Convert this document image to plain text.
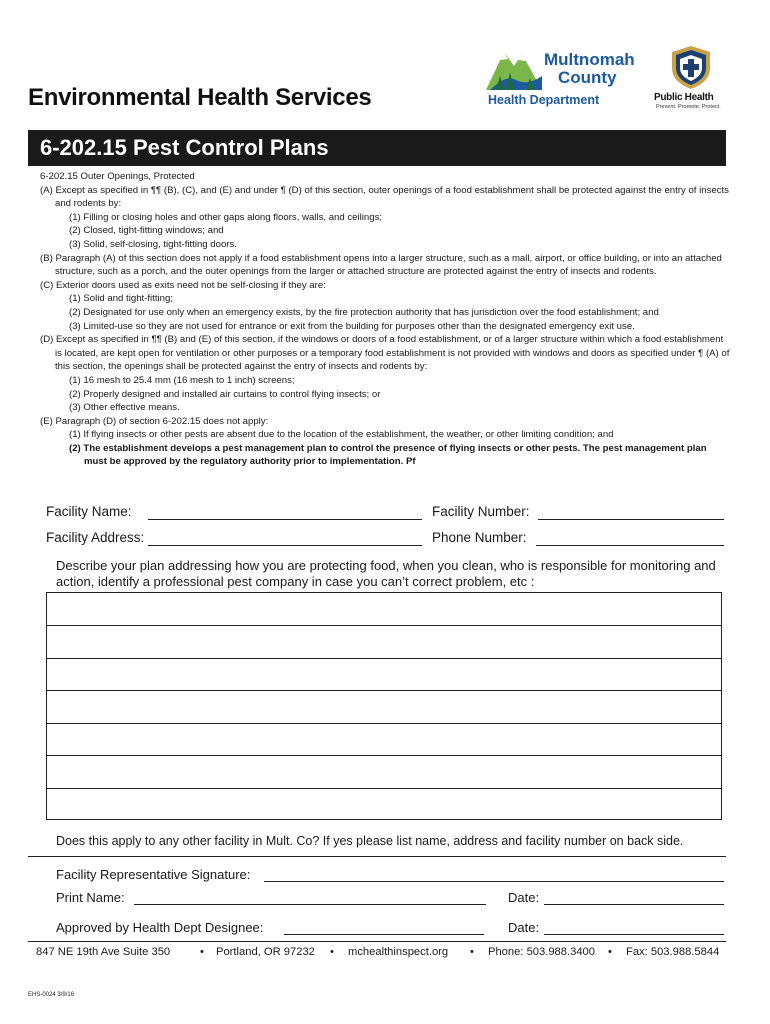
Environmental Health Services
Multnomah
County
Health Department	Public Health
Prevent. Promote. Protect.
6-202.15 Pest Control Plans
6-202.15 Outer Openings, Protected
(A) Except as specified in ¶¶ (B), (C), and (E) and under ¶ (D) of this section, outer openings of a food establishment shall be protected against the entry of insects and rodents by:
(1) Filling or closing holes and other gaps along floors, walls, and ceilings;
(2) Closed, tight-fitting windows; and
(3) Solid, self-closing, tight-fitting doors.
(B) Paragraph (A) of this section does not apply if a food establishment opens into a larger structure, such as a mall, airport, or office building, or into an attached structure, such as a porch, and the outer openings from the larger or attached structure are protected against the entry of insects and rodents.
(C) Exterior doors used as exits need not be self-closing if they are:
(1) Solid and tight-fitting;
(2) Designated for use only when an emergency exists, by the fire protection authority that has jurisdiction over the food establishment; and
(3) Limited-use so they are not used for entrance or exit from the building for purposes other than the designated emergency exit use.
(D) Except as specified in ¶¶ (B) and (E) of this section, if the windows or doors of a food establishment, or of a larger structure within which a food establishment is located, are kept open for ventilation or other purposes or a temporary food establishment is not provided with windows and doors as specified under ¶ (A) of this section, the openings shall be protected against the entry of insects and rodents by:
(1) 16 mesh to 25.4 mm (16 mesh to 1 inch) screens;
(2) Properly designed and installed air curtains to control flying insects; or
(3) Other effective means.
(E) Paragraph (D) of section 6-202.15 does not apply:
(1) If flying insects or other pests are absent due to the location of the establishment, the weather, or other limiting condition; and
(2) The establishment develops a pest management plan to control the presence of flying insects or other pests. The pest management plan must be approved by the regulatory authority prior to implementation. Pf
Facility Name:	Facility Number:
Facility Address:	Phone Number:
Describe your plan addressing how you are protecting food, when you clean, who is responsible for monitoring and action, identify a professional pest company in case you can’t correct problem, etc :
Does this apply to any other facility in Mult. Co? If yes please list name, address and facility number on back side.
Facility Representative Signature:
Print Name:	Date:
Approved by Health Dept Designee:	Date:
847 NE 19th Ave Suite 350	• Portland, OR 97232 • mchealthinspect.org • Phone: 503.988.3400 • Fax: 503.988.5844
EHS-0024 3/9/16
